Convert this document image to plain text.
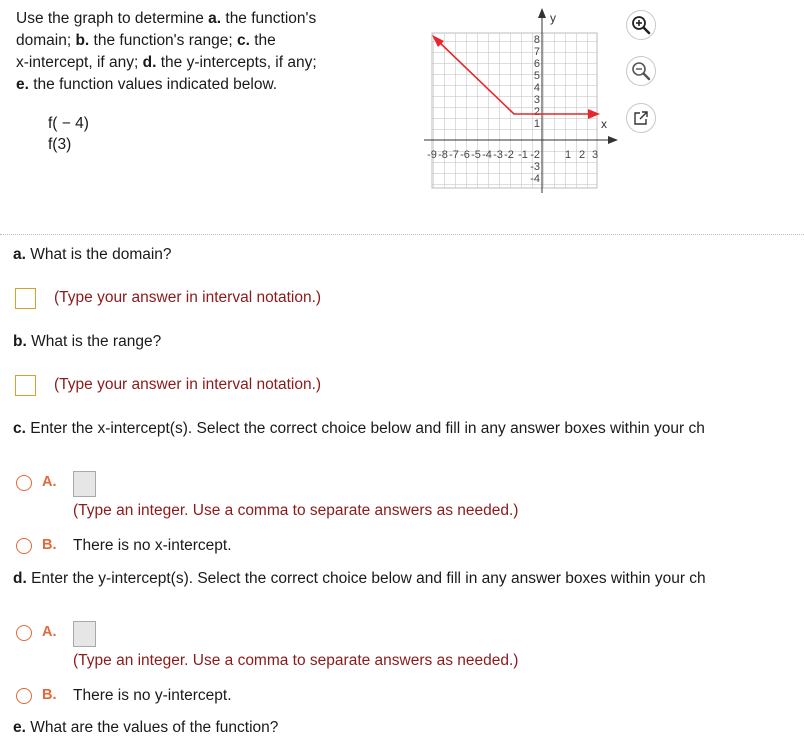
Use the graph to determine a. the function's
domain; b. the function's range; c. the
x-intercept, if any; d. the y-intercepts, if any;
e. the function values indicated below.
f( − 4)
f(3)
y
x
-9 -8 -7 -6 -5 -4 -3 -2 -1	1 2 3
8
7
6
5
4
3
2
1
-2
-3
-4
a. What is the domain?
(Type your answer in interval notation.)
b. What is the range?
(Type your answer in interval notation.)
c. Enter the x-intercept(s). Select the correct choice below and fill in any answer boxes within your ch
A.
(Type an integer. Use a comma to separate answers as needed.)
B. There is no x-intercept.
d. Enter the y-intercept(s). Select the correct choice below and fill in any answer boxes within your ch
A.
(Type an integer. Use a comma to separate answers as needed.)
B. There is no y-intercept.
e. What are the values of the function?
